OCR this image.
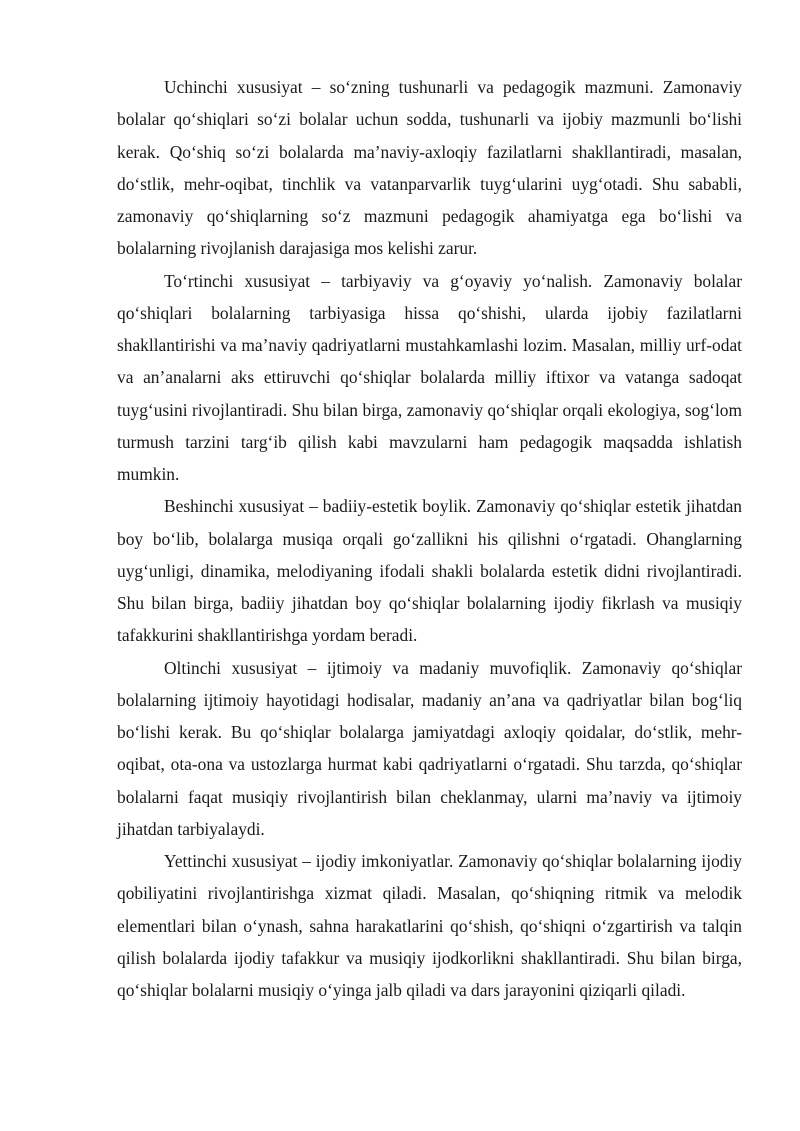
Uchinchi xususiyat – so‘zning tushunarli va pedagogik mazmuni. Zamonaviy bolalar qo‘shiqlari so‘zi bolalar uchun sodda, tushunarli va ijobiy mazmunli bo‘lishi kerak. Qo‘shiq so‘zi bolalarda ma’naviy-axloqiy fazilatlarni shakllantiradi, masalan, do‘stlik, mehr-oqibat, tinchlik va vatanparvarlik tuyg‘ularini uyg‘otadi. Shu sababli, zamonaviy qo‘shiqlarning so‘z mazmuni pedagogik ahamiyatga ega bo‘lishi va bolalarning rivojlanish darajasiga mos kelishi zarur.

To‘rtinchi xususiyat – tarbiyaviy va g‘oyaviy yo‘nalish. Zamonaviy bolalar qo‘shiqlari bolalarning tarbiyasiga hissa qo‘shishi, ularda ijobiy fazilatlarni shakllantirishi va ma’naviy qadriyatlarni mustahkamlashi lozim. Masalan, milliy urf-odat va an’analarni aks ettiruvchi qo‘shiqlar bolalarda milliy iftixor va vatanga sadoqat tuyg‘usini rivojlantiradi. Shu bilan birga, zamonaviy qo‘shiqlar orqali ekologiya, sog‘lom turmush tarzini targ‘ib qilish kabi mavzularni ham pedagogik maqsadda ishlatish mumkin.

Beshinchi xususiyat – badiiy-estetik boylik. Zamonaviy qo‘shiqlar estetik jihatdan boy bo‘lib, bolalarga musiqa orqali go‘zallikni his qilishni o‘rgatadi. Ohanglarning uyg‘unligi, dinamika, melodiyaning ifodali shakli bolalarda estetik didni rivojlantiradi. Shu bilan birga, badiiy jihatdan boy qo‘shiqlar bolalarning ijodiy fikrlash va musiqiy tafakkurini shakllantirishga yordam beradi.

Oltinchi xususiyat – ijtimoiy va madaniy muvofiqlik. Zamonaviy qo‘shiqlar bolalarning ijtimoiy hayotidagi hodisalar, madaniy an’ana va qadriyatlar bilan bog‘liq bo‘lishi kerak. Bu qo‘shiqlar bolalarga jamiyatdagi axloqiy qoidalar, do‘stlik, mehr-oqibat, ota-ona va ustozlarga hurmat kabi qadriyatlarni o‘rgatadi. Shu tarzda, qo‘shiqlar bolalarni faqat musiqiy rivojlantirish bilan cheklanmay, ularni ma’naviy va ijtimoiy jihatdan tarbiyalaydi.

Yettinchi xususiyat – ijodiy imkoniyatlar. Zamonaviy qo‘shiqlar bolalarning ijodiy qobiliyatini rivojlantirishga xizmat qiladi. Masalan, qo‘shiqning ritmik va melodik elementlari bilan o‘ynash, sahna harakatlarini qo‘shish, qo‘shiqni o‘zgartirish va talqin qilish bolalarda ijodiy tafakkur va musiqiy ijodkorlikni shakllantiradi. Shu bilan birga, qo‘shiqlar bolalarni musiqiy o‘yinga jalb qiladi va dars jarayonini qiziqarli qiladi.
